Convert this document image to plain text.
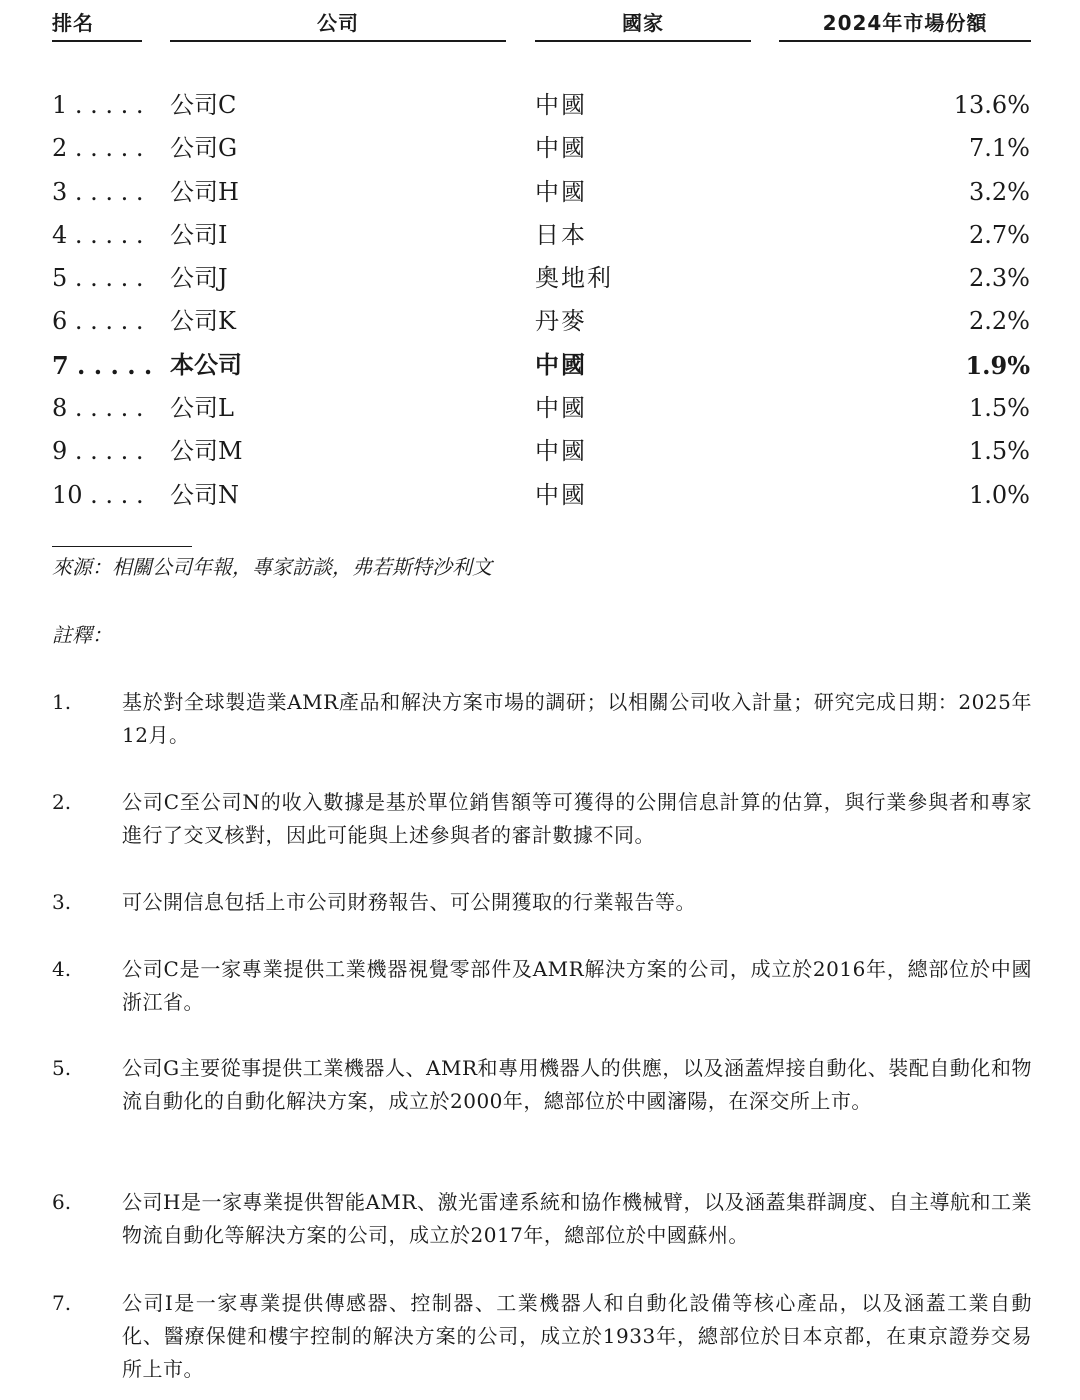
排名	公司	國家	2024年市場份額
1 . . . . . 公司C	中國	13.6%
2 . . . . . 公司G	中國	7.1%
3 . . . . . 公司H	中國	3.2%
4 . . . . . 公司I	日本	2.7%
5 . . . . . 公司J	奧地利	2.3%
6 . . . . . 公司K	丹麥	2.2%
7 . . . . . 本公司	中國	1.9%
8 . . . . . 公司L	中國	1.5%
9 . . . . . 公司M	中國	1.5%
10 . . . . 公司N	中國	1.0%
來源：相關公司年報，專家訪談，弗若斯特沙利文
註釋：
1.	基於對全球製造業AMR產品和解決方案市場的調研；以相關公司收入計量；研究完成日期：2025年12月。
2.	公司C至公司N的收入數據是基於單位銷售額等可獲得的公開信息計算的估算，與行業參與者和專家進行了交叉核對，因此可能與上述參與者的審計數據不同。
3.	可公開信息包括上市公司財務報告、可公開獲取的行業報告等。
4.	公司C是一家專業提供工業機器視覺零部件及AMR解決方案的公司，成立於2016年，總部位於中國浙江省。
5.	公司G主要從事提供工業機器人、AMR和專用機器人的供應，以及涵蓋焊接自動化、裝配自動化和物流自動化的自動化解決方案，成立於2000年，總部位於中國瀋陽，在深交所上市。
6.	公司H是一家專業提供智能AMR、激光雷達系統和協作機械臂，以及涵蓋集群調度、自主導航和工業物流自動化等解決方案的公司，成立於2017年，總部位於中國蘇州。
7.	公司I是一家專業提供傳感器、控制器、工業機器人和自動化設備等核心產品，以及涵蓋工業自動化、醫療保健和樓宇控制的解決方案的公司，成立於1933年，總部位於日本京都，在東京證券交易所上市。
